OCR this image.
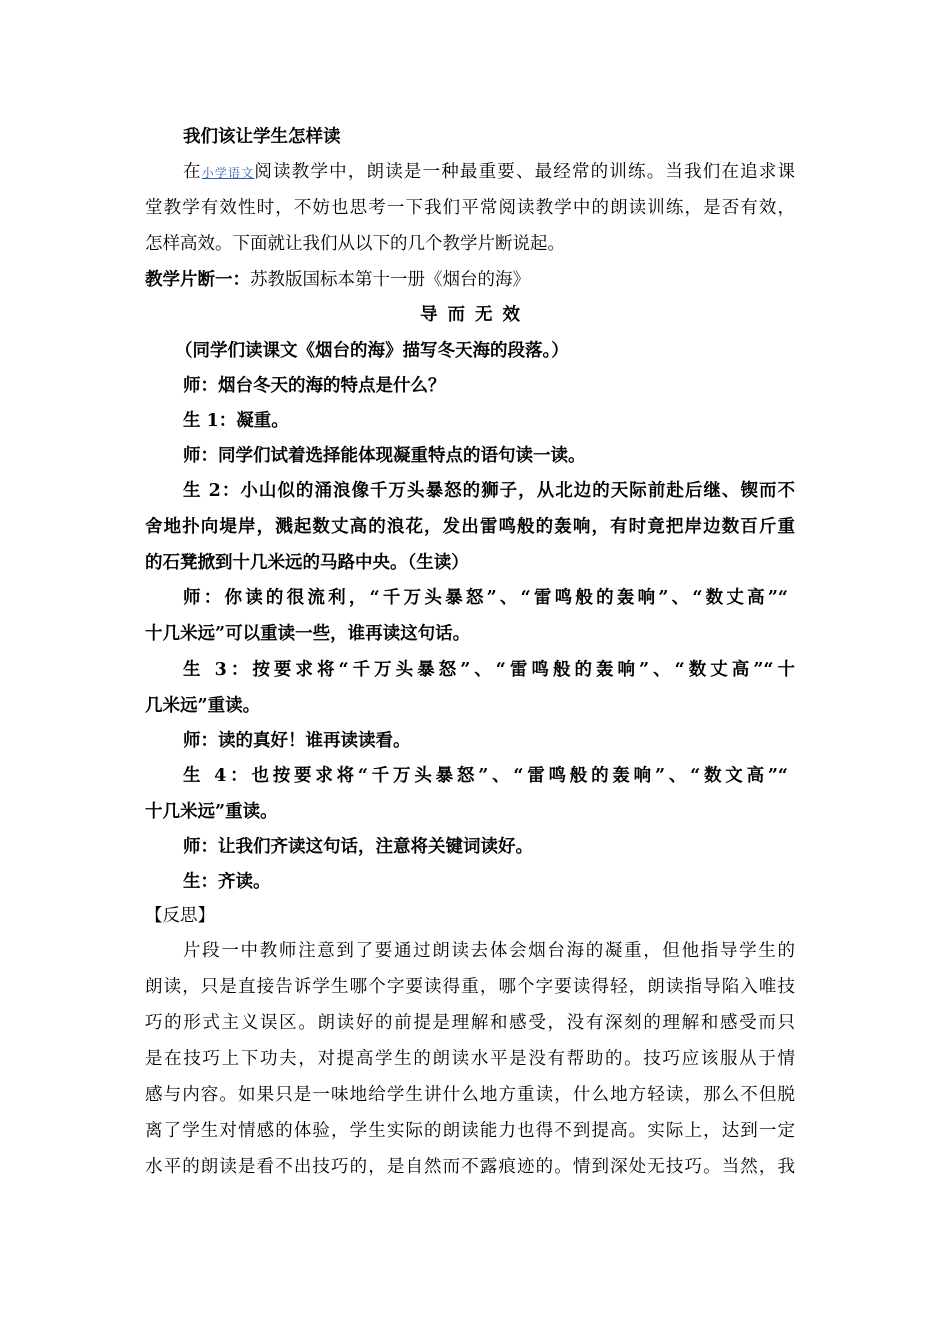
我们该让学生怎样读
在小学语文阅读教学中，朗读是一种最重要、最经常的训练。当我们在追求课
堂教学有效性时，不妨也思考一下我们平常阅读教学中的朗读训练，是否有效，
怎样高效。下面就让我们从以下的几个教学片断说起。
教学片断一：苏教版国标本第十一册《烟台的海》
导而无效
（同学们读课文《烟台的海》描写冬天海的段落。）
师：烟台冬天的海的特点是什么？
生 1：凝重。
师：同学们试着选择能体现凝重特点的语句读一读。
生 2：小山似的涌浪像千万头暴怒的狮子，从北边的天际前赴后继、锲而不
舍地扑向堤岸，溅起数丈高的浪花，发出雷鸣般的轰响，有时竟把岸边数百斤重
的石凳掀到十几米远的马路中央。（生读）
师：你读的很流利，“千万头暴怒”、“雷鸣般的轰响”、“数丈高”“
十几米远”可以重读一些，谁再读这句话。
生 3：按要求将“千万头暴怒”、“雷鸣般的轰响”、“数丈高”“十
几米远”重读。
师：读的真好！谁再读读看。
生 4：也按要求将“千万头暴怒”、“雷鸣般的轰响”、“数文高”“
十几米远”重读。
师：让我们齐读这句话，注意将关键词读好。
生：齐读。
【反思】
片段一中教师注意到了要通过朗读去体会烟台海的凝重，但他指导学生的
朗读，只是直接告诉学生哪个字要读得重，哪个字要读得轻，朗读指导陷入唯技
巧的形式主义误区。朗读好的前提是理解和感受，没有深刻的理解和感受而只
是在技巧上下功夫，对提高学生的朗读水平是没有帮助的。技巧应该服从于情
感与内容。如果只是一味地给学生讲什么地方重读，什么地方轻读，那么不但脱
离了学生对情感的体验，学生实际的朗读能力也得不到提高。实际上，达到一定
水平的朗读是看不出技巧的，是自然而不露痕迹的。情到深处无技巧。当然，我
